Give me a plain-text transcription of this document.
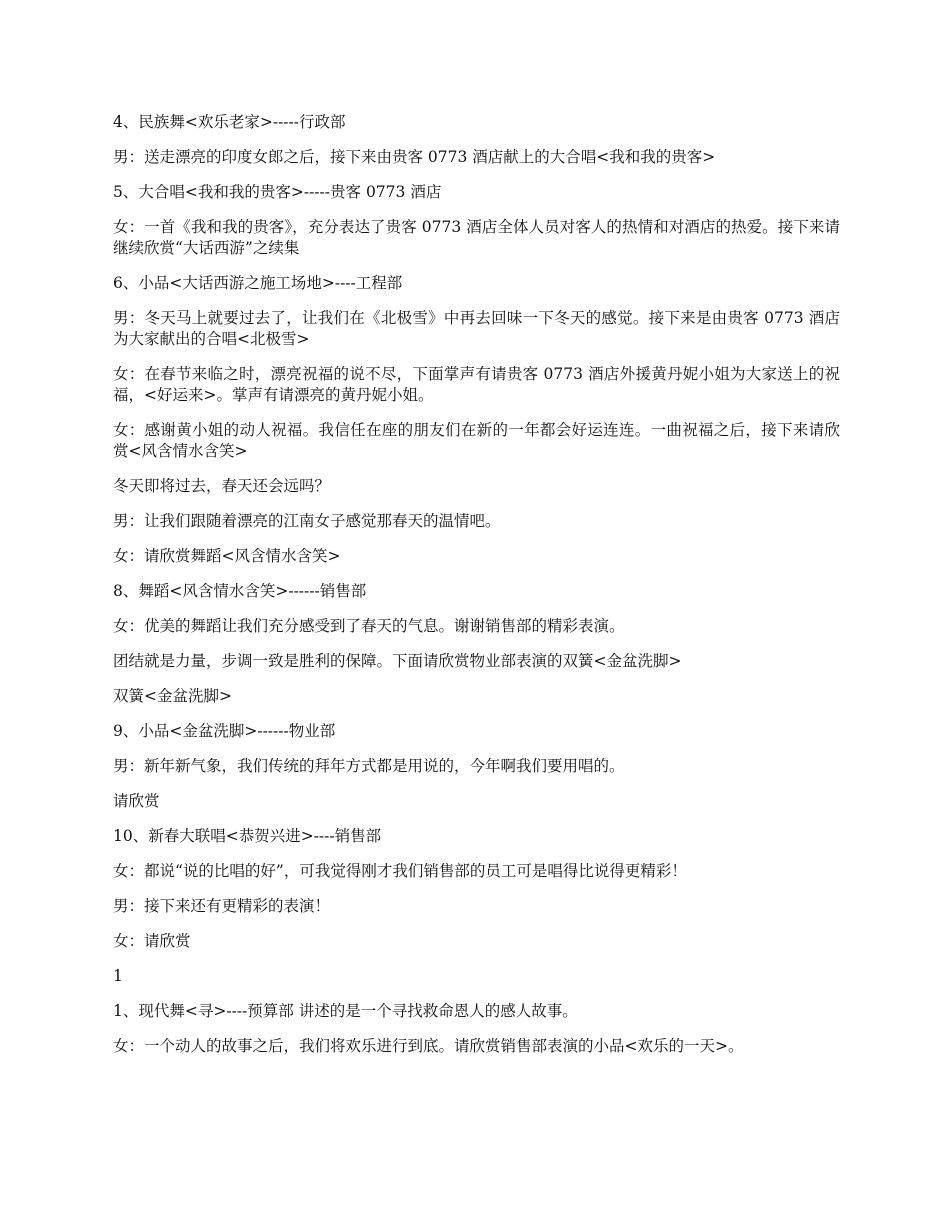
4、民族舞<欢乐老家>-----行政部

男：送走漂亮的印度女郎之后，接下来由贵客 0773 酒店献上的大合唱<我和我的贵客>

5、大合唱<我和我的贵客>-----贵客 0773 酒店

女：一首《我和我的贵客》，充分表达了贵客 0773 酒店全体人员对客人的热情和对酒店的热爱。接下来请继续欣赏“大话西游”之续集

6、小品<大话西游之施工场地>----工程部

男：冬天马上就要过去了，让我们在《北极雪》中再去回味一下冬天的感觉。接下来是由贵客 0773 酒店为大家献出的合唱<北极雪>

女：在春节来临之时，漂亮祝福的说不尽，下面掌声有请贵客 0773 酒店外援黄丹妮小姐为大家送上的祝福，<好运来>。掌声有请漂亮的黄丹妮小姐。

女：感谢黄小姐的动人祝福。我信任在座的朋友们在新的一年都会好运连连。一曲祝福之后，接下来请欣赏<风含情水含笑>

冬天即将过去，春天还会远吗？

男：让我们跟随着漂亮的江南女子感觉那春天的温情吧。

女：请欣赏舞蹈<风含情水含笑>

8、舞蹈<风含情水含笑>------销售部

女：优美的舞蹈让我们充分感受到了春天的气息。谢谢销售部的精彩表演。

团结就是力量，步调一致是胜利的保障。下面请欣赏物业部表演的双簧<金盆洗脚>

双簧<金盆洗脚>

9、小品<金盆洗脚>------物业部

男：新年新气象，我们传统的拜年方式都是用说的，今年啊我们要用唱的。

请欣赏

10、新春大联唱<恭贺兴进>----销售部

女：都说“说的比唱的好”，可我觉得刚才我们销售部的员工可是唱得比说得更精彩！

男：接下来还有更精彩的表演！

女：请欣赏

1

1、现代舞<寻>----预算部 讲述的是一个寻找救命恩人的感人故事。

女：一个动人的故事之后，我们将欢乐进行到底。请欣赏销售部表演的小品<欢乐的一天>。
